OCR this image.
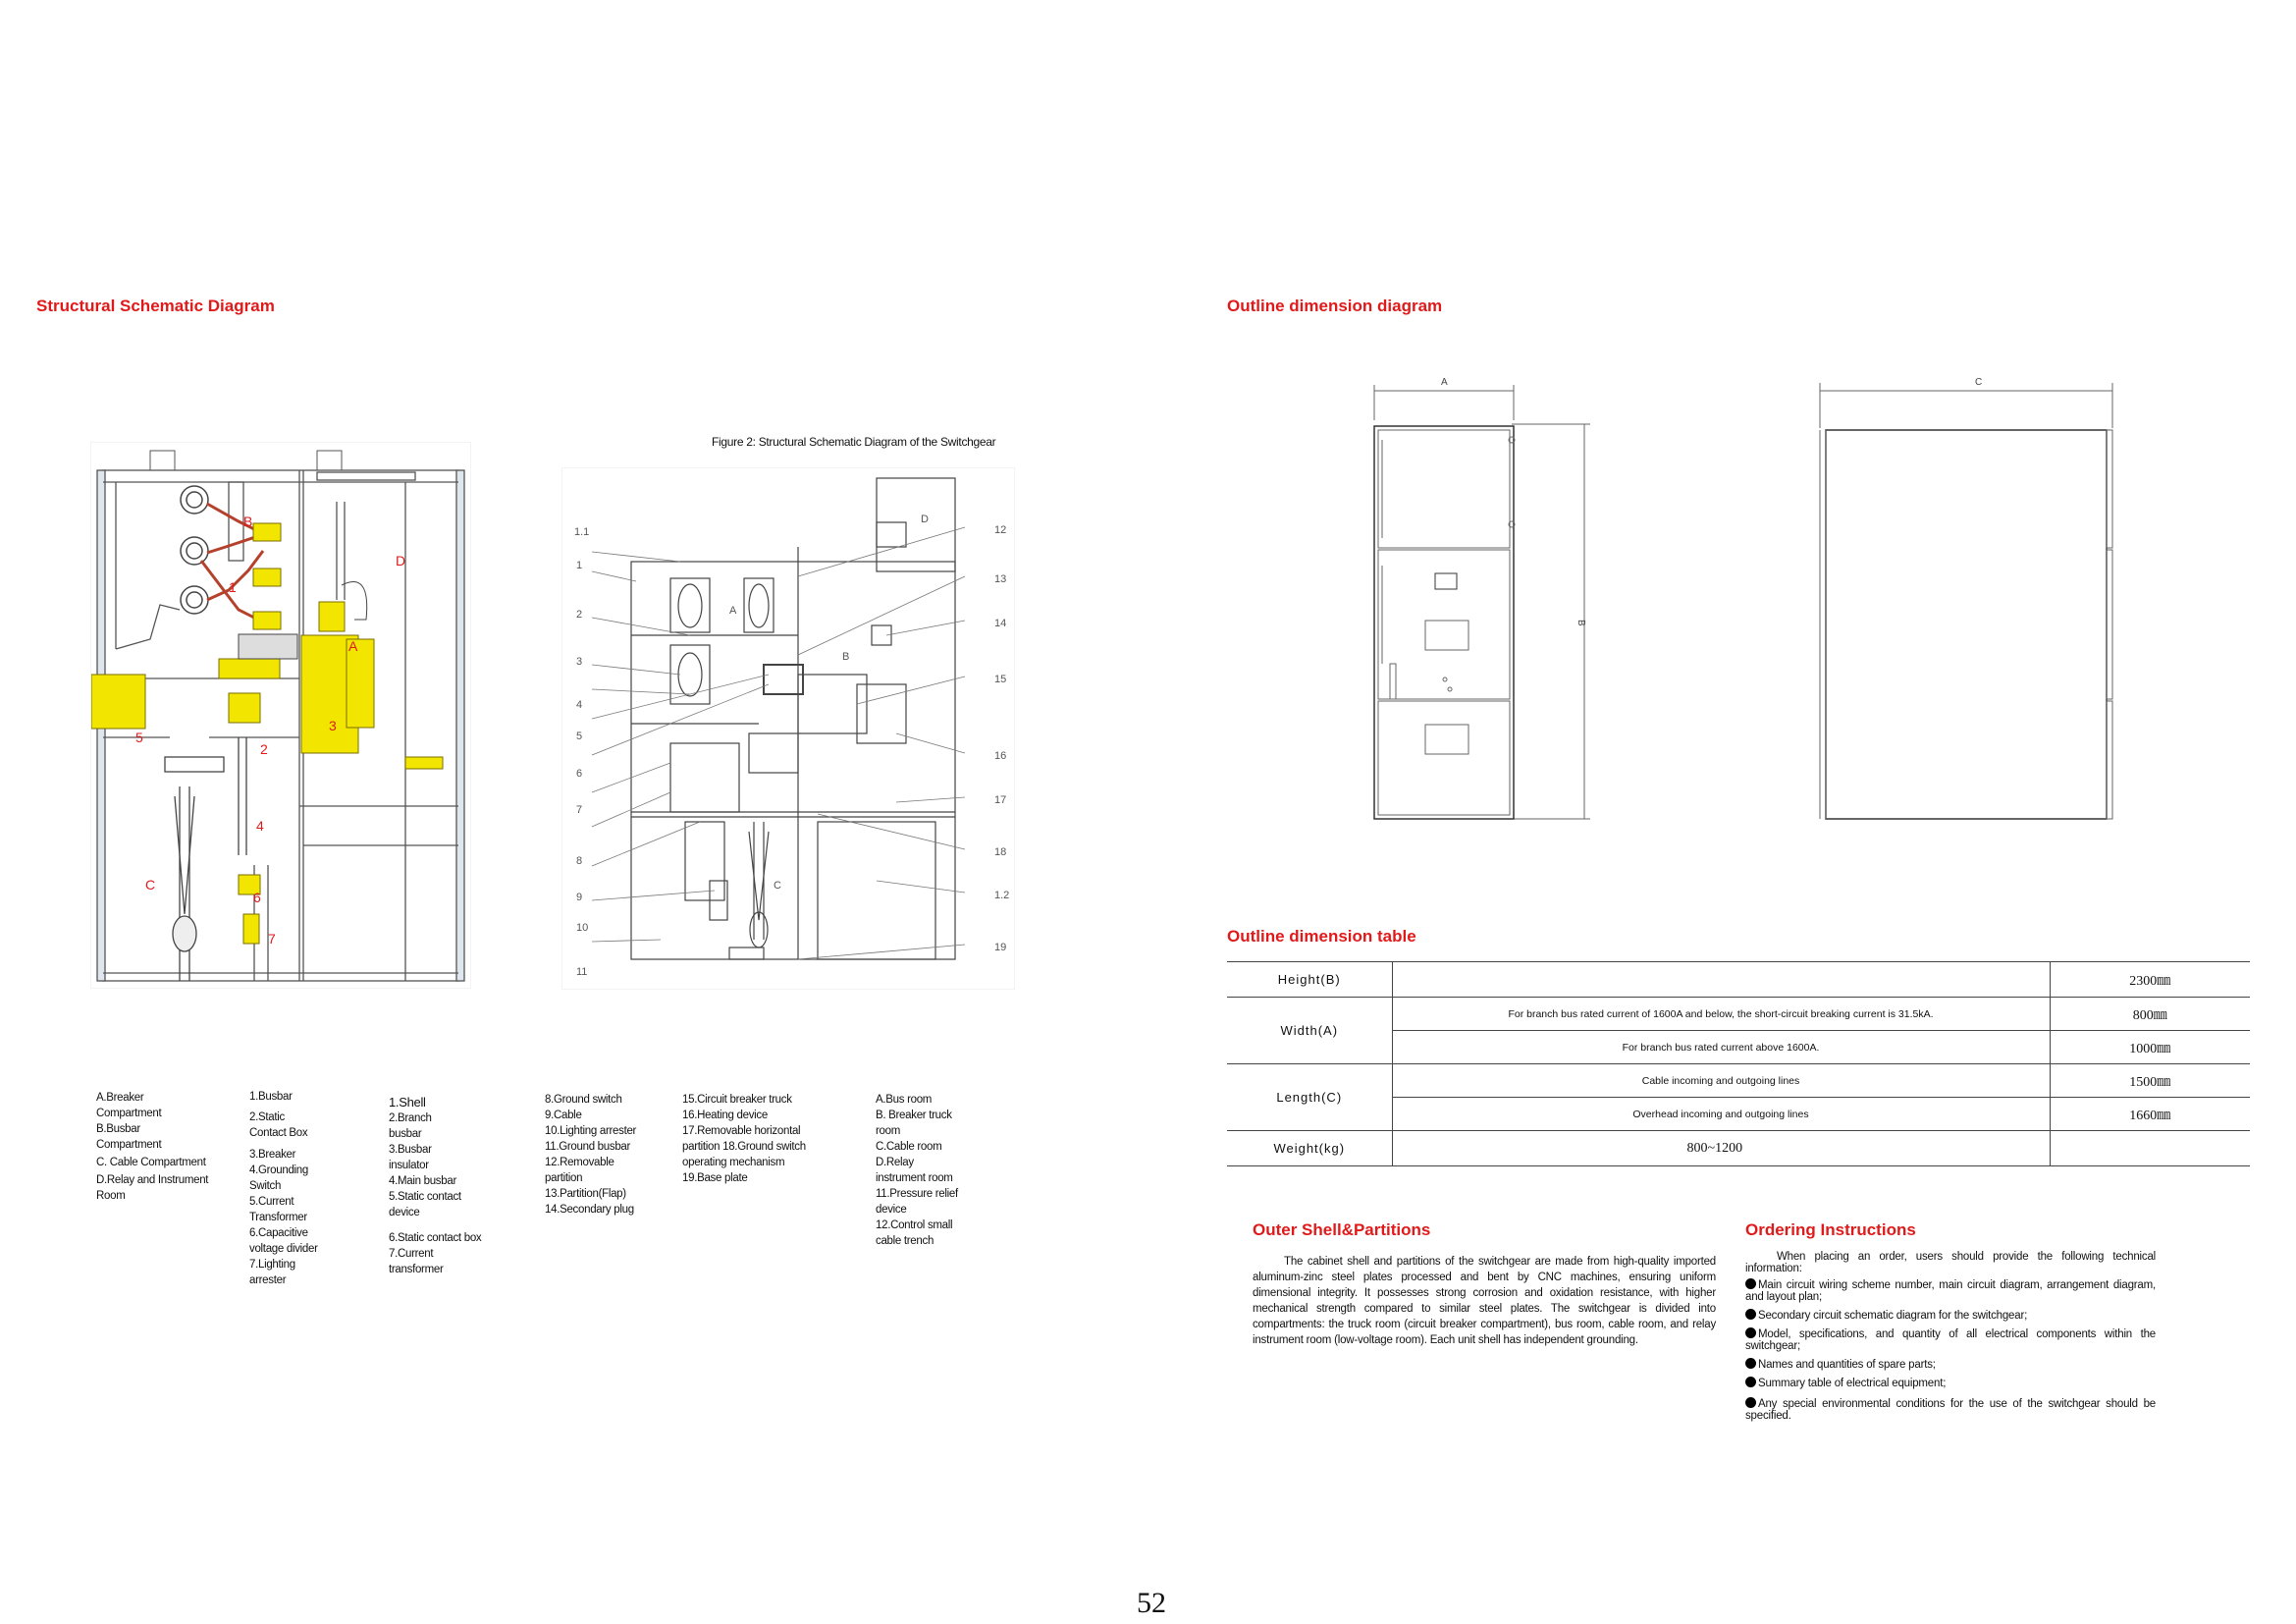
Structural Schematic Diagram
Figure 2: Structural Schematic Diagram of the Switchgear
B
D
A
C
1
2
3
4
5
6
7
1.1
1
2
3
4
5
6
7
8
9
10
11
12
13
14
15
16
17
18
1.2
19
A
B
C
D
A.Breaker
Compartment
B.Busbar
Compartment
C. Cable Compartment
D.Relay and Instrument
Room
1.Busbar
2.Static
Contact Box
3.Breaker
4.Grounding
Switch
5.Current
Transformer
6.Capacitive
voltage divider
7.Lighting
arrester
1.Shell
2.Branch
busbar
3.Busbar
insulator
4.Main busbar
5.Static contact
device
6.Static contact box
7.Current
transformer
8.Ground switch
9.Cable
10.Lighting arrester
11.Ground busbar
12.Removable
partition
13.Partition(Flap)
14.Secondary plug
15.Circuit breaker truck
16.Heating device
17.Removable horizontal
partition 18.Ground switch
operating mechanism
19.Base plate
A.Bus room
B. Breaker truck
room
C.Cable room
D.Relay
instrument room
11.Pressure relief
device
12.Control small
cable trench
Outline dimension diagram
A
B
C
Outline dimension table
Height(B)		2300㎜
Width(A)	For branch bus rated current of 1600A and below, the short-circuit breaking current is 31.5kA.	800㎜
	For branch bus rated current above 1600A.	1000㎜
Length(C)	Cable incoming and outgoing lines	1500㎜
	Overhead incoming and outgoing lines	1660㎜
Weight(kg)	800~1200	
Outer Shell&Partitions
The cabinet shell and partitions of the switchgear are made from high-quality imported aluminum-zinc steel plates processed and bent by CNC machines, ensuring uniform dimensional integrity. It possesses strong corrosion and oxidation resistance, with higher mechanical strength compared to similar steel plates. The switchgear is divided into compartments: the truck room (circuit breaker compartment), bus room, cable room, and relay instrument room (low-voltage room). Each unit shell has independent grounding.
Ordering Instructions
When placing an order, users should provide the following technical information:
Main circuit wiring scheme number, main circuit diagram, arrangement diagram, and layout plan;
Secondary circuit schematic diagram for the switchgear;
Model, specifications, and quantity of all electrical components within the switchgear;
Names and quantities of spare parts;
Summary table of electrical equipment;
Any special environmental conditions for the use of the switchgear should be specified.
52
